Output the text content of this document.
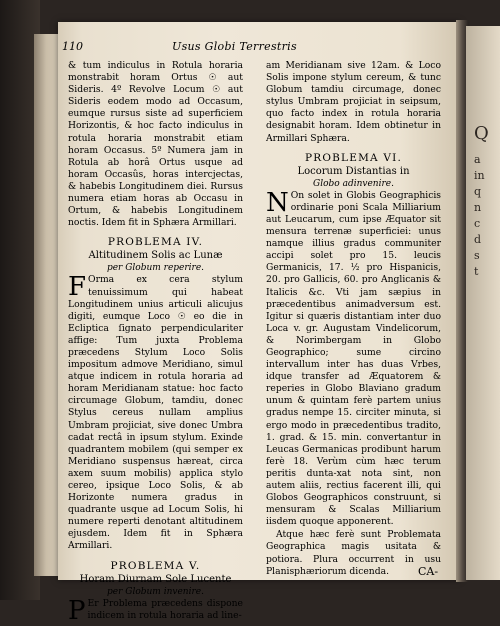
110	Usus Globi Terrestris

& tum indiculus in Rotula horaria monstrabit horam Ortus ☉ aut Sideris. 4º Revolve Locum ☉ aut Sideris eodem modo ad Occasum, eumque rursus siste ad superficiem Horizontis, & hoc facto indiculus in rotula horaria monstrabit etiam horam Occasus. 5º Numera jam in Rotula ab horâ Ortus usque ad horam Occasûs, horas intercjectas, & habebis Longitudinem diei. Rursus numera etiam horas ab Occasu in Ortum, & habebis Longitudinem noctis. Idem fit in Sphæra Armillari.

PROBLEMA IV.
Altitudinem Solis ac Lunæ
per Globum reperire.

F Orma ex cera stylum tenuissimum qui habeat Longitudinem unius articuli alicujus digiti, eumque Loco ☉ eo die in Ecliptica ſignato perpendiculariter affige: Tum juxta Problema præcedens Stylum Loco Solis impositum admove Meridiano, simul atque indicem in rotula horaria ad horam Meridianam statue: hoc facto circumage Globum, tamdiu, donec Stylus cereus nullam amplius Umbram projiciat, sive donec Umbra cadat rectâ in ipsum stylum. Exinde quadrantem mobilem (qui semper ex Meridiano suspensus hæreat, circa axem suum mobilis) applica stylo cereo, ipsique Loco Solis, & ab Horizonte numera gradus in quadrante usque ad Locum Solis, hi numere reperti denotant altitudinem ejusdem. Idem fit in Sphæra Armillari.

PROBLEMA V.
Horam Diurnam Sole Lucente
per Globum invenire.

P Er Problema præcedens dispone indicem in rotula horaria ad line-

am Meridianam sive 12am. & Loco Solis impone stylum cereum, & tunc Globum tamdiu circumage, donec stylus Umbram projiciat in seipsum, quo facto index in rotula horaria designabit horam. Idem obtinetur in Armillari Sphæra.

PROBLEMA VI.
Locorum Distantias in
Globo adinvenire.

N On solet in Globis Geographicis ordinarie poni Scala Milliarium aut Leucarum, cum ipse Æquator sit mensura terrenæ superficiei: unus namque illius gradus communiter accipi solet pro 15. leucis Germanicis, 17. ½ pro Hispanicis, 20. pro Gallicis, 60. pro Anglicanis & Italicis &c. Vti jam sæpius in præcedentibus animadversum est. Igitur si quæris distantiam inter duo Loca v. gr. Augustam Vindelicorum, & Norimbergam in Globo Geographico; sume circino intervallum inter has duas Vrbes, idque transfer ad Æquatorem & reperies in Globo Blaviano gradum unum & quintam ferè partem unius gradus nempe 15. circiter minuta, si ergo modo in præcedentibus tradito, 1. grad. & 15. min. convertantur in Leucas Germanicas prodibunt harum ferè 18. Verùm cùm hæc terum peritis dunta-xat nota sint, non autem aliis, rectius facerent illi, qui Globos Geographicos construunt, si mensuram & Scalas Milliarium iisdem quoque apponerent.

Atque hæc ferè sunt Problemata Geographica magis usitata & potiora. Plura occurrent in usu Planisphæriorum dicenda.	CA-
Q
a
in
q
n
c
d
s
t
